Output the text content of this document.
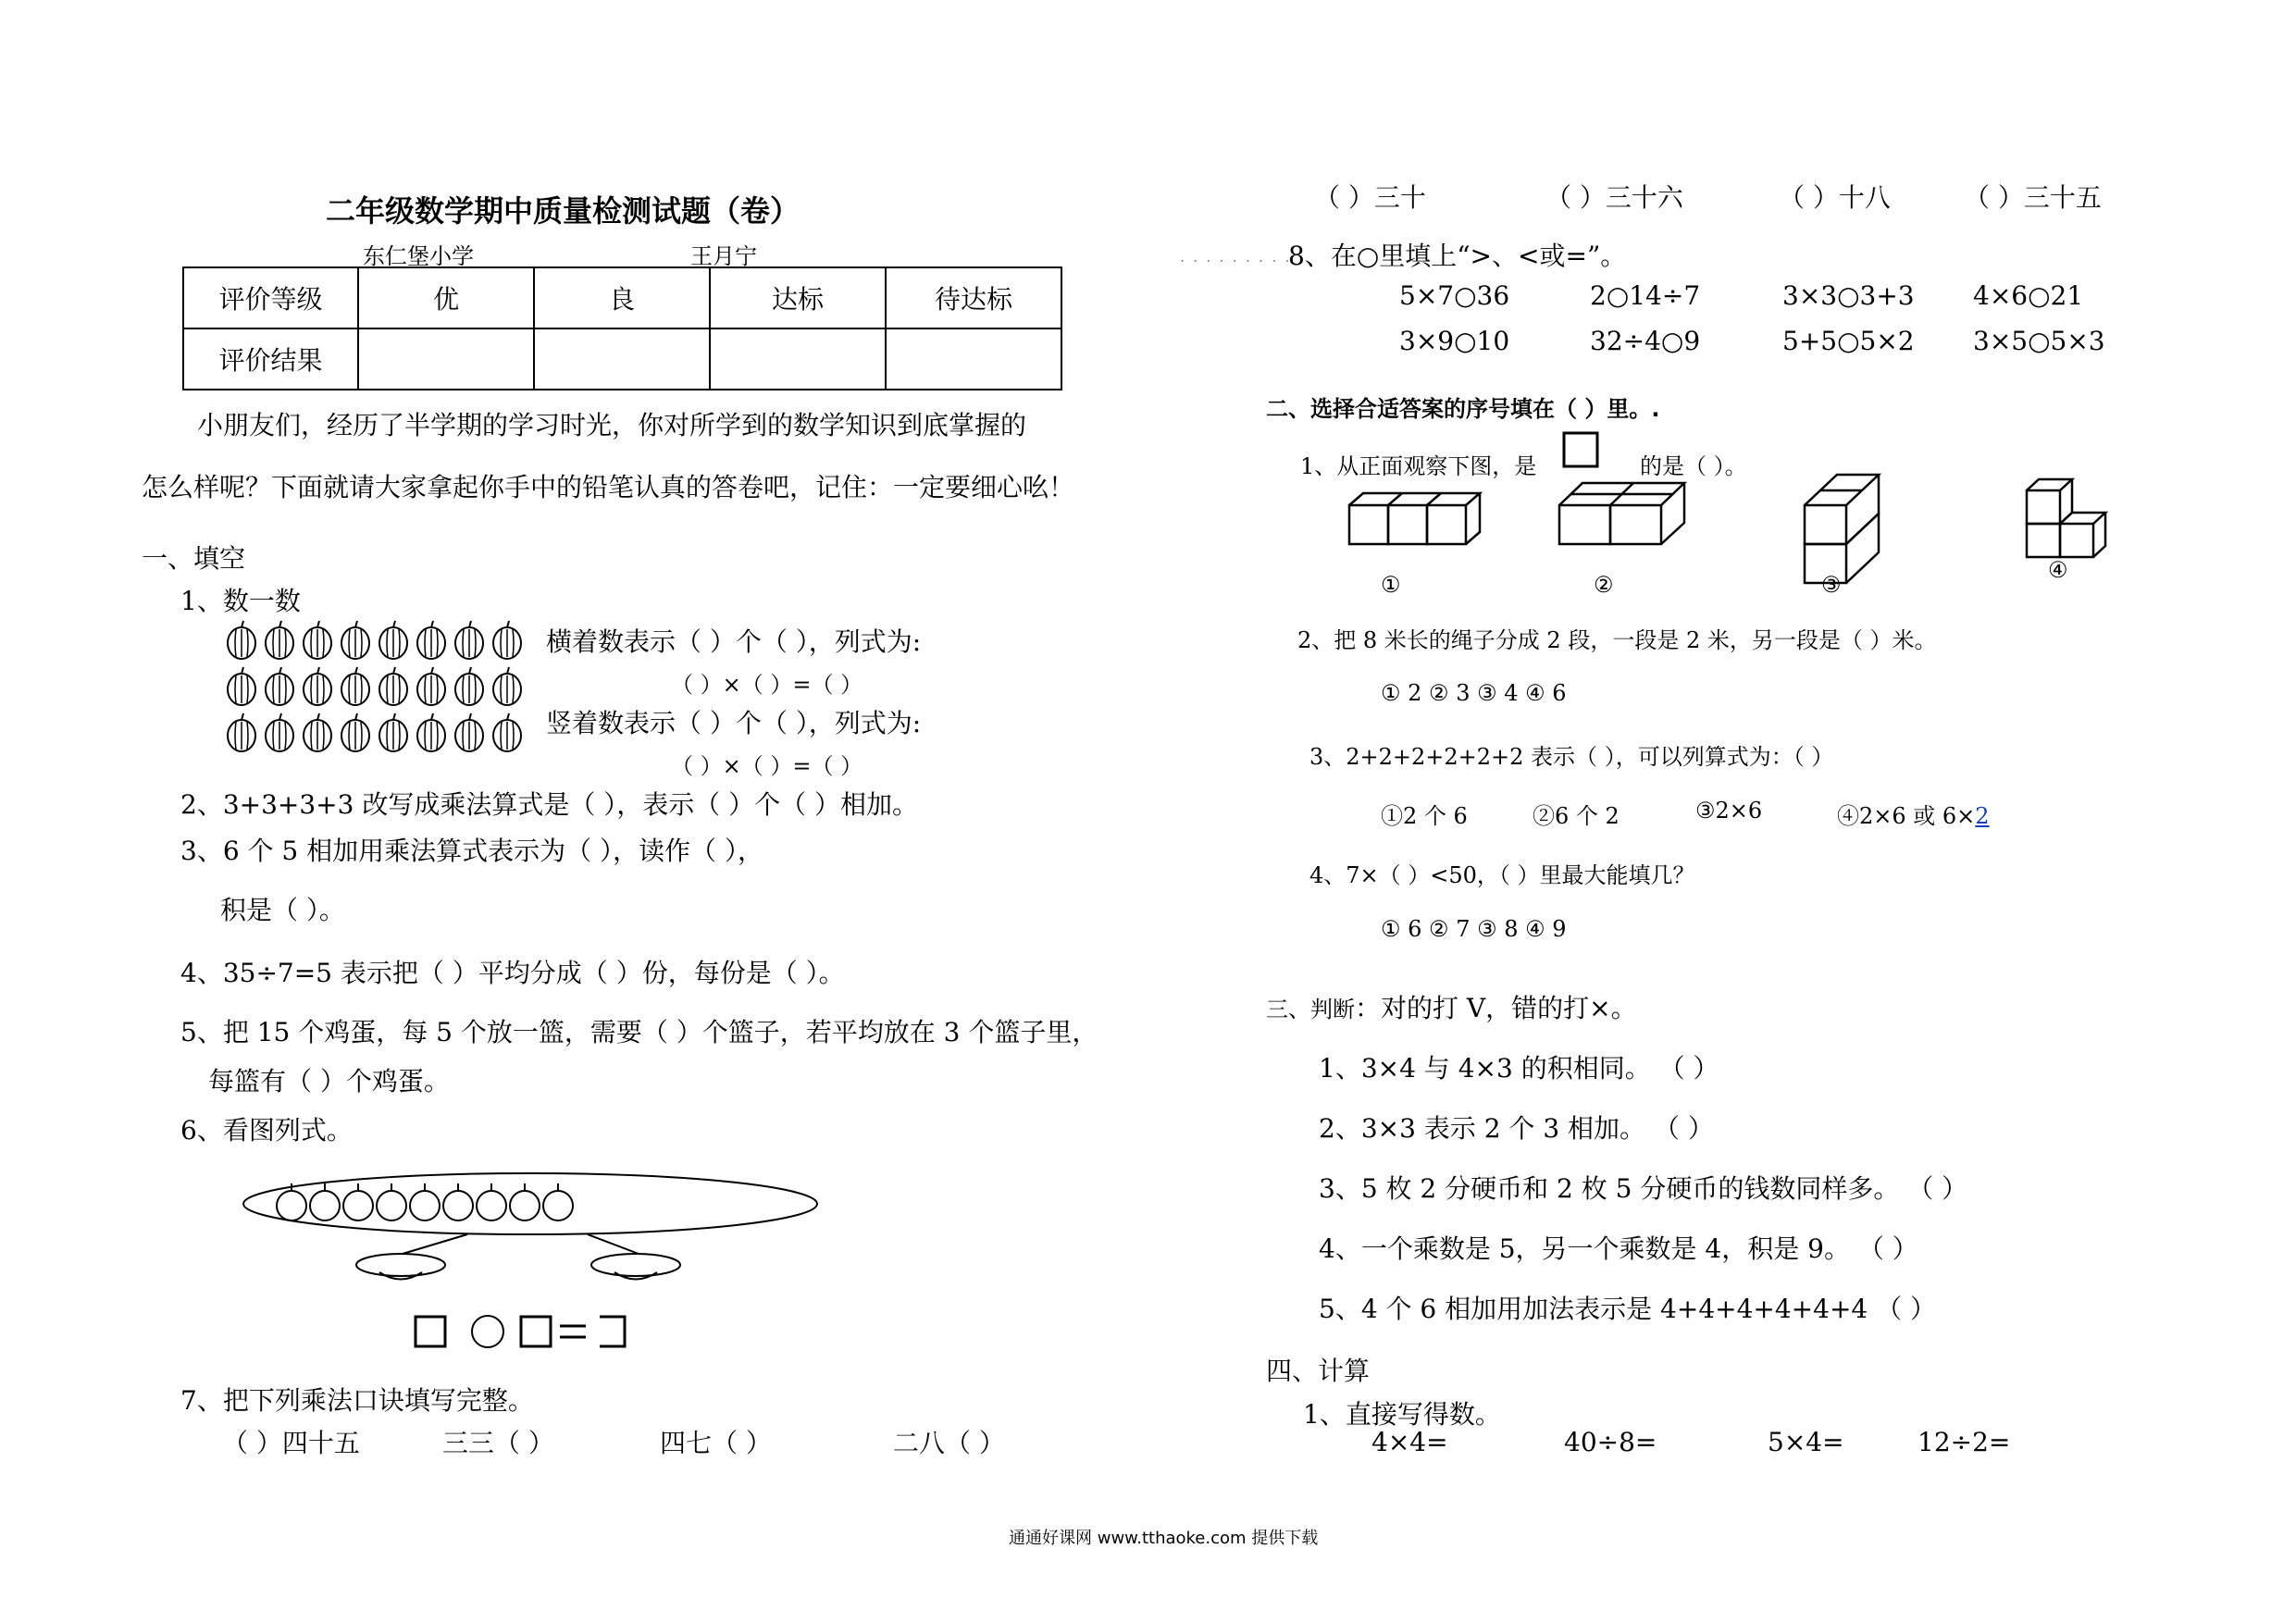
二年级数学期中质量检测试题（卷）
东仁堡小学	王月宁
评价等级	优	良	达标	待达标
评价结果				
小朋友们，经历了半学期的学习时光，你对所学到的数学知识到底掌握的
怎么样呢？下面就请大家拿起你手中的铅笔认真的答卷吧，记住：一定要细心吆！
一、填空
1、数一数
横着数表示（ ）个（ ），列式为:
（ ）×（ ）=（ ）
竖着数表示（ ）个（ ），列式为:
（ ）×（ ）=（ ）
2、3+3+3+3 改写成乘法算式是（ ），表示（ ）个（ ）相加。
3、6 个 5 相加用乘法算式表示为（ ），读作（ ），
积是（ ）。
4、35÷7=5 表示把（ ）平均分成（ ）份，每份是（ ）。
5、把 15 个鸡蛋，每 5 个放一篮，需要（ ）个篮子，若平均放在 3 个篮子里，
每篮有（ ）个鸡蛋。
6、看图列式。
7、把下列乘法口诀填写完整。
（ ）四十五	三三（ ）	四七（ ）	二八（ ）
（ ）三十	（ ）三十六	（ ）十八	（ ）三十五
. . . . . . . . .
8、在○里填上“>、<或=”。
5×7○36	2○14÷7	3×3○3+3 4×6○21
3×9○10	32÷4○9	5+5○5×2 3×5○5×3
二、选择合适答案的序号填在（ ）里。.
1、从正面观察下图，是	的是（ ）。
①	②	③
④
2、把 8 米长的绳子分成 2 段，一段是 2 米，另一段是（ ）米。
① 2 ② 3 ③ 4 ④ 6
3、2+2+2+2+2+2 表示（ ），可以列算式为：（ ）
①2 个 6	②6 个 2	③2×6	④2×6 或 6×2
4、7×（ ）<50，（ ）里最大能填几？
① 6 ② 7 ③ 8 ④ 9
三、判断：对的打 V，错的打×。
1、3×4 与 4×3 的积相同。 （ ）
2、3×3 表示 2 个 3 相加。 （ ）
3、5 枚 2 分硬币和 2 枚 5 分硬币的钱数同样多。 （ ）
4、一个乘数是 5，另一个乘数是 4，积是 9。 （ ）
5、4 个 6 相加用加法表示是 4+4+4+4+4+4 （ ）
四、计算
1、直接写得数。
4×4=	40÷8=	5×4=	12÷2=
通通好课网 www.tthaoke.com 提供下载
